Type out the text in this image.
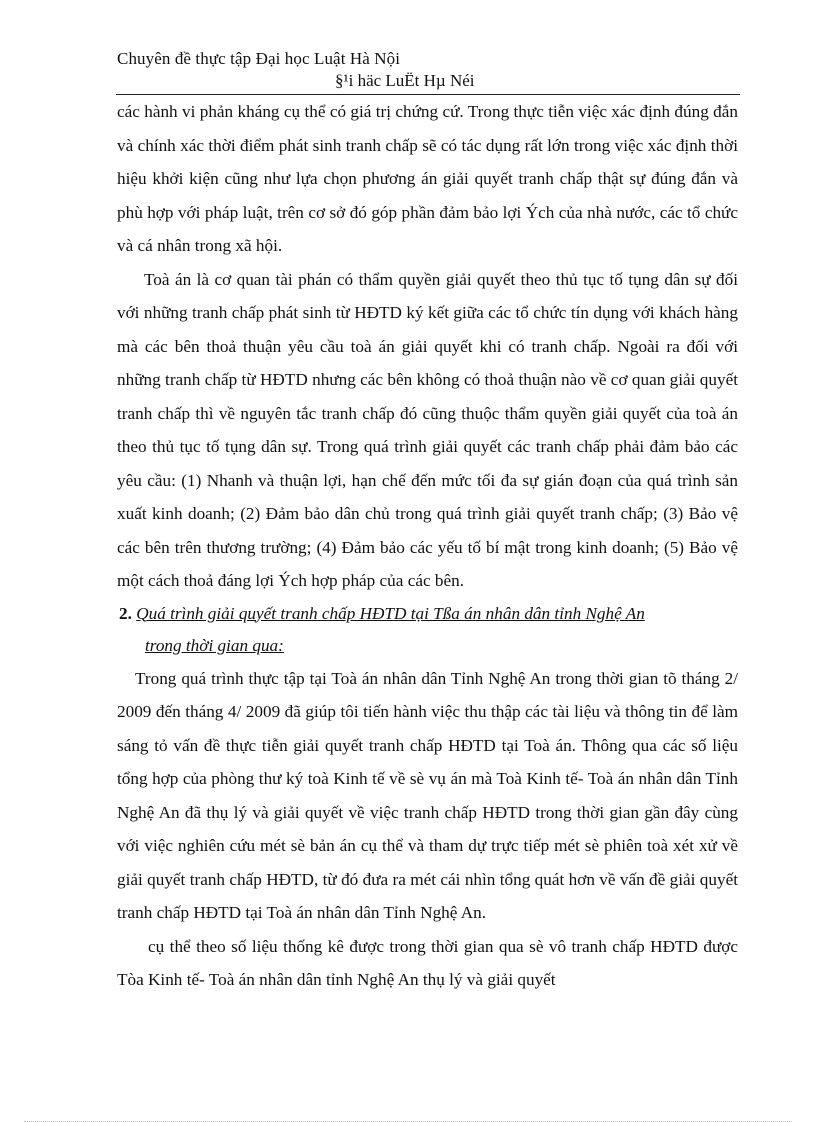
Chuyên đề thực tập Đại học Luật Hà Nội
§¹i häc LuËt Hµ Néi

các hành vi phản kháng cụ thể có giá trị chứng cứ. Trong thực tiễn việc xác định đúng đắn và chính xác thời điểm phát sinh tranh chấp sẽ có tác dụng rất lớn trong việc xác định thời hiệu khởi kiện cũng như lựa chọn phương án giải quyết tranh chấp thật sự đúng đắn và phù hợp với pháp luật, trên cơ sở đó góp phần đảm bảo lợi Ých của nhà nước, các tổ chức và cá nhân trong xã hội.

Toà án là cơ quan tài phán có thẩm quyền giải quyết theo thủ tục tố tụng dân sự đối với những tranh chấp phát sinh từ HĐTD ký kết giữa các tổ chức tín dụng với khách hàng mà các bên thoả thuận yêu cầu toà án giải quyết khi có tranh chấp. Ngoài ra đối với những tranh chấp từ HĐTD nhưng các bên không có thoả thuận nào về cơ quan giải quyết tranh chấp thì về nguyên tắc tranh chấp đó cũng thuộc thẩm quyền giải quyết của toà án theo thủ tục tố tụng dân sự. Trong quá trình giải quyết các tranh chấp phải đảm bảo các yêu cầu: (1) Nhanh và thuận lợi, hạn chế đến mức tối đa sự gián đoạn của quá trình sản xuất kinh doanh; (2) Đảm bảo dân chủ trong quá trình giải quyết tranh chấp; (3) Bảo vệ các bên trên thương trường; (4) Đảm bảo các yếu tố bí mật trong kinh doanh; (5) Bảo vệ một cách thoả đáng lợi Ých hợp pháp của các bên.

2. Quá trình giải quyết tranh chấp HĐTD tại Tßa án nhân dân tỉnh Nghệ An

trong thời gian qua:

Trong quá trình thực tập tại Toà án nhân dân Tỉnh Nghệ An trong thời gian tõ tháng 2/ 2009 đến tháng 4/ 2009 đã giúp tôi tiến hành việc thu thập các tài liệu và thông tin để làm sáng tỏ vấn đề thực tiễn giải quyết tranh chấp HĐTD tại Toà án. Thông qua các số liệu tổng hợp của phòng thư ký toà Kinh tế về sè vụ án mà Toà Kinh tế- Toà án nhân dân Tỉnh Nghệ An đã thụ lý và giải quyết về việc tranh chấp HĐTD trong thời gian gần đây cùng với việc nghiên cứu mét sè bản án cụ thể và tham dự trực tiếp mét sè phiên toà xét xử về giải quyết tranh chấp HĐTD, từ đó đưa ra mét cái nhìn tổng quát hơn về vấn đề giải quyết tranh chấp HĐTD tại Toà án nhân dân Tỉnh Nghệ An.

cụ thể theo số liệu thống kê được trong thời gian qua sè vô tranh chấp HĐTD được Tòa Kinh tế- Toà án nhân dân tỉnh Nghệ An thụ lý và giải quyết
